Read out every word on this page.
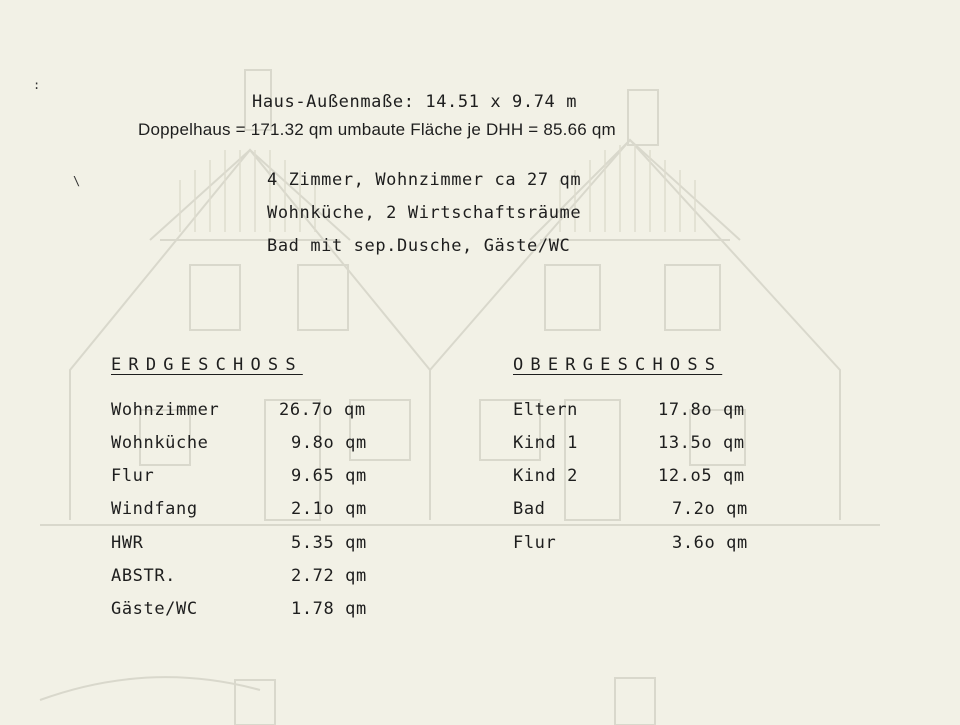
:
\
Haus-Außenmaße: 14.51 x 9.74 m
Doppelhaus = 171.32 qm umbaute Fläche je DHH = 85.66 qm
4 Zimmer, Wohnzimmer ca 27 qm
Wohnküche, 2 Wirtschaftsräume
Bad mit sep.Dusche, Gäste/WC
ERDGESCHOSS
Wohnzimmer	26.7o qm
Wohnküche	9.8o qm
Flur	9.65 qm
Windfang	2.1o qm
HWR	5.35 qm
ABSTR.	2.72 qm
Gäste/WC	1.78 qm
OBERGESCHOSS
Eltern	17.8o qm
Kind 1	13.5o qm
Kind 2	12.o5 qm
Bad	7.2o qm
Flur	3.6o qm
